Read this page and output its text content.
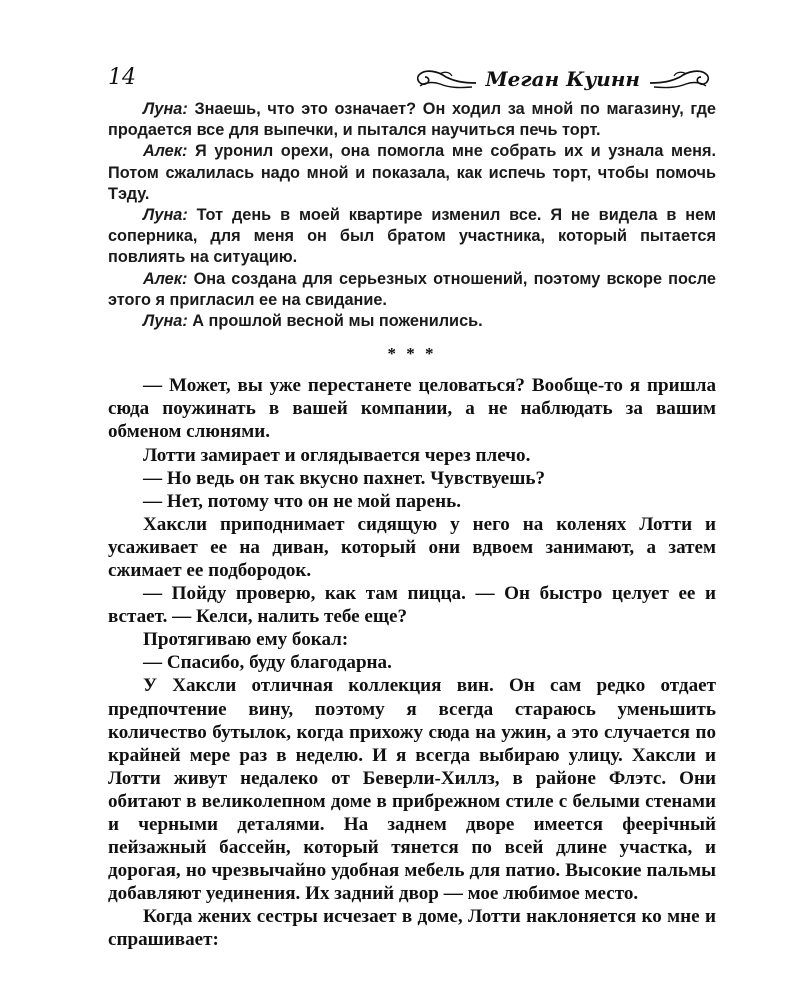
14	Меган Куинн

Луна: Знаешь, что это означает? Он ходил за мной по магазину, где продается все для выпечки, и пытался научиться печь торт.

Алек: Я уронил орехи, она помогла мне собрать их и узнала меня. Потом сжалилась надо мной и показала, как испечь торт, чтобы помочь Тэду.

Луна: Тот день в моей квартире изменил все. Я не видела в нем соперника, для меня он был братом участника, который пытается повлиять на ситуацию.

Алек: Она создана для серьезных отношений, поэтому вскоре после этого я пригласил ее на свидание.

Луна: А прошлой весной мы поженились.

* * *

— Может, вы уже перестанете целоваться? Вообще-то я пришла сюда поужинать в вашей компании, а не наблюдать за вашим обменом слюнями.

Лотти замирает и оглядывается через плечо.

— Но ведь он так вкусно пахнет. Чувствуешь?

— Нет, потому что он не мой парень.

Хаксли приподнимает сидящую у него на коленях Лотти и усаживает ее на диван, который они вдвоем занимают, а затем сжимает ее подбородок.

— Пойду проверю, как там пицца. — Он быстро целует ее и встает. — Келси, налить тебе еще?

Протягиваю ему бокал:

— Спасибо, буду благодарна.

У Хаксли отличная коллекция вин. Он сам редко отдает предпочтение вину, поэтому я всегда стараюсь уменьшить количество бутылок, когда прихожу сюда на ужин, а это случается по крайней мере раз в неделю. И я всегда выбираю улицу. Хаксли и Лотти живут недалеко от Беверли-Хиллз, в районе Флэтс. Они обитают в великолепном доме в прибрежном стиле с белыми стенами и черными деталями. На заднем дворе имеется феерічный пейзажный бассейн, который тянется по всей длине участка, и дорогая, но чрезвычайно удобная мебель для патио. Высокие пальмы добавляют уединения. Их задний двор — мое любимое место.

Когда жених сестры исчезает в доме, Лотти наклоняется ко мне и спрашивает:
